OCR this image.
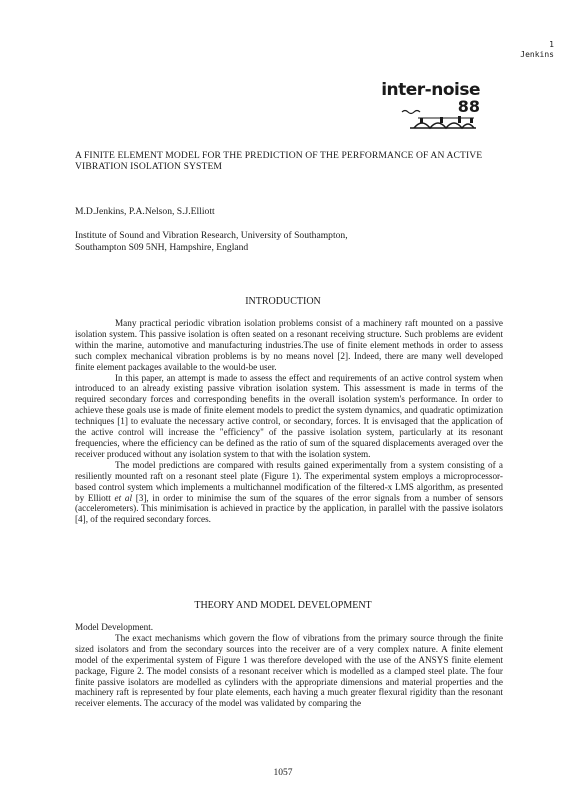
1
Jenkins
inter-noise
88
A FINITE ELEMENT MODEL FOR THE PREDICTION OF THE PERFORMANCE OF AN ACTIVE VIBRATION ISOLATION SYSTEM
M.D.Jenkins, P.A.Nelson, S.J.Elliott
Institute of Sound and Vibration Research, University of Southampton,
Southampton S09 5NH, Hampshire, England
INTRODUCTION

Many practical periodic vibration isolation problems consist of a machinery raft mounted on a passive isolation system. This passive isolation is often seated on a resonant receiving structure. Such problems are evident within the marine, automotive and manufacturing industries.The use of finite element methods in order to assess such complex mechanical vibration problems is by no means novel [2]. Indeed, there are many well developed finite element packages available to the would-be user.

In this paper, an attempt is made to assess the effect and requirements of an active control system when introduced to an already existing passive vibration isolation system. This assessment is made in terms of the required secondary forces and corresponding benefits in the overall isolation system's performance. In order to achieve these goals use is made of finite element models to predict the system dynamics, and quadratic optimization techniques [1] to evaluate the necessary active control, or secondary, forces. It is envisaged that the application of the active control will increase the "efficiency" of the passive isolation system, particularly at its resonant frequencies, where the efficiency can be defined as the ratio of sum of the squared displacements averaged over the receiver produced without any isolation system to that with the isolation system.

The model predictions are compared with results gained experimentally from a system consisting of a resiliently mounted raft on a resonant steel plate (Figure 1). The experimental system employs a microprocessor-based control system which implements a multichannel modification of the filtered-x LMS algorithm, as presented by Elliott et al [3], in order to minimise the sum of the squares of the error signals from a number of sensors (accelerometers). This minimisation is achieved in practice by the application, in parallel with the passive isolators [4], of the required secondary forces.

THEORY AND MODEL DEVELOPMENT

Model Development.

The exact mechanisms which govern the flow of vibrations from the primary source through the finite sized isolators and from the secondary sources into the receiver are of a very complex nature. A finite element model of the experimental system of Figure 1 was therefore developed with the use of the ANSYS finite element package, Figure 2. The model consists of a resonant receiver which is modelled as a clamped steel plate. The four finite passive isolators are modelled as cylinders with the appropriate dimensions and material properties and the machinery raft is represented by four plate elements, each having a much greater flexural rigidity than the resonant receiver elements. The accuracy of the model was validated by comparing the

1057
